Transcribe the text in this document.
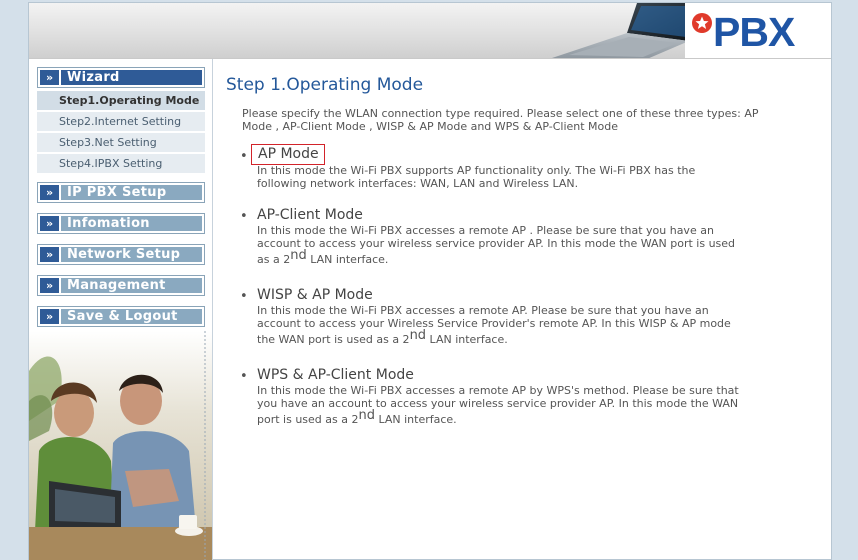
PBX
»	Wizard
Step1.Operating Mode
Step2.Internet Setting
Step3.Net Setting
Step4.IPBX Setting
»	IP PBX Setup
»	Infomation
»	Network Setup
»	Management
»	Save & Logout
Step 1.Operating Mode
Please specify the WLAN connection type required. Please select one of these three types: AP
Mode , AP-Client Mode , WISP & AP Mode and WPS & AP-Client Mode
• AP Mode
In this mode the Wi-Fi PBX supports AP functionality only. The Wi-Fi PBX has the
following network interfaces: WAN, LAN and Wireless LAN.
• AP-Client Mode
In this mode the Wi-Fi PBX accesses a remote AP . Please be sure that you have an
account to access your wireless service provider AP. In this mode the WAN port is used
as a 2nd LAN interface.
• WISP & AP Mode
In this mode the Wi-Fi PBX accesses a remote AP. Please be sure that you have an
account to access your Wireless Service Provider's remote AP. In this WISP & AP mode
the WAN port is used as a 2nd LAN interface.
• WPS & AP-Client Mode
In this mode the Wi-Fi PBX accesses a remote AP by WPS's method. Please be sure that
you have an account to access your wireless service provider AP. In this mode the WAN
port is used as a 2nd LAN interface.
